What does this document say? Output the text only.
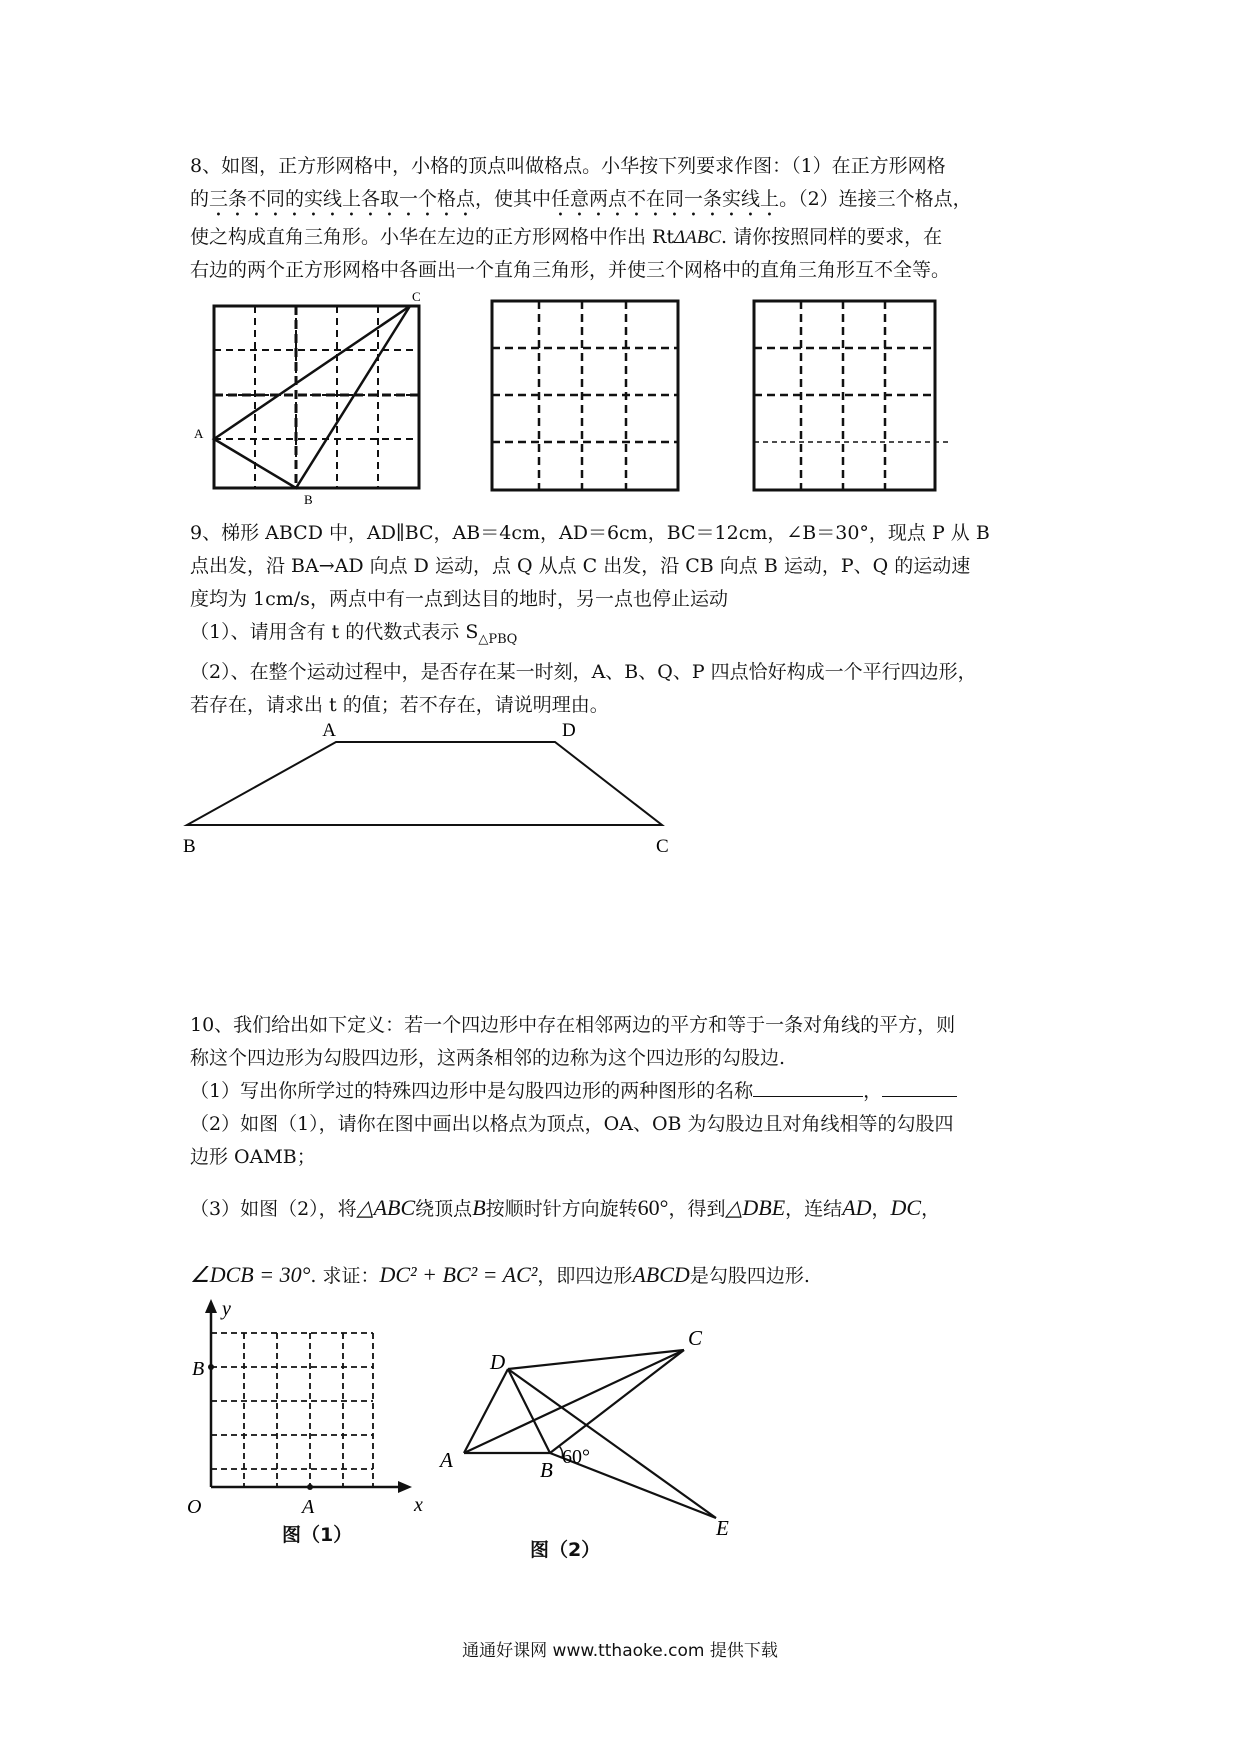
8、如图，正方形网格中，小格的顶点叫做格点。小华按下列要求作图：（1）在正方形网格

的三条不同的实线上各取一个格点，使其中任意两点不在同一条实线上。（2）连接三个格点，

使之构成直角三角形。小华在左边的正方形网格中作出 RtΔABC. 请你按照同样的要求，在

右边的两个正方形网格中各画出一个直角三角形，并使三个网格中的直角三角形互不全等。

A
B
C

9、梯形 ABCD 中，AD∥BC，AB＝4cm，AD＝6cm，BC＝12cm，∠B＝30°，现点 P 从 B

点出发，沿 BA→AD 向点 D 运动，点 Q 从点 C 出发，沿 CB 向点 B 运动，P、Q 的运动速

度均为 1cm/s，两点中有一点到达目的地时，另一点也停止运动

（1）、请用含有 t 的代数式表示 $S_{\triangle PBQ}$

（2）、在整个运动过程中，是否存在某一时刻，A、B、Q、P 四点恰好构成一个平行四边形，

若存在，请求出 t 的值；若不存在，请说明理由。

A	D
B	C

10、我们给出如下定义：若一个四边形中存在相邻两边的平方和等于一条对角线的平方，则

称这个四边形为勾股四边形，这两条相邻的边称为这个四边形的勾股边.

（1）写出你所学过的特殊四边形中是勾股四边形的两种图形的名称	，

（2）如图（1），请你在图中画出以格点为顶点，OA、OB 为勾股边且对角线相等的勾股四

边形 OAMB；

（3）如图（2），将△ABC绕顶点B按顺时针方向旋转60°，得到△DBE，连结AD，DC，
∠DCB = 30°. 求证：DC² + BC² = AC²，即四边形ABCD是勾股四边形.
y
x
O	A
B
图（1）
C
D
A	B
E
60°
图（2）
通通好课网 www.tthaoke.com 提供下载
